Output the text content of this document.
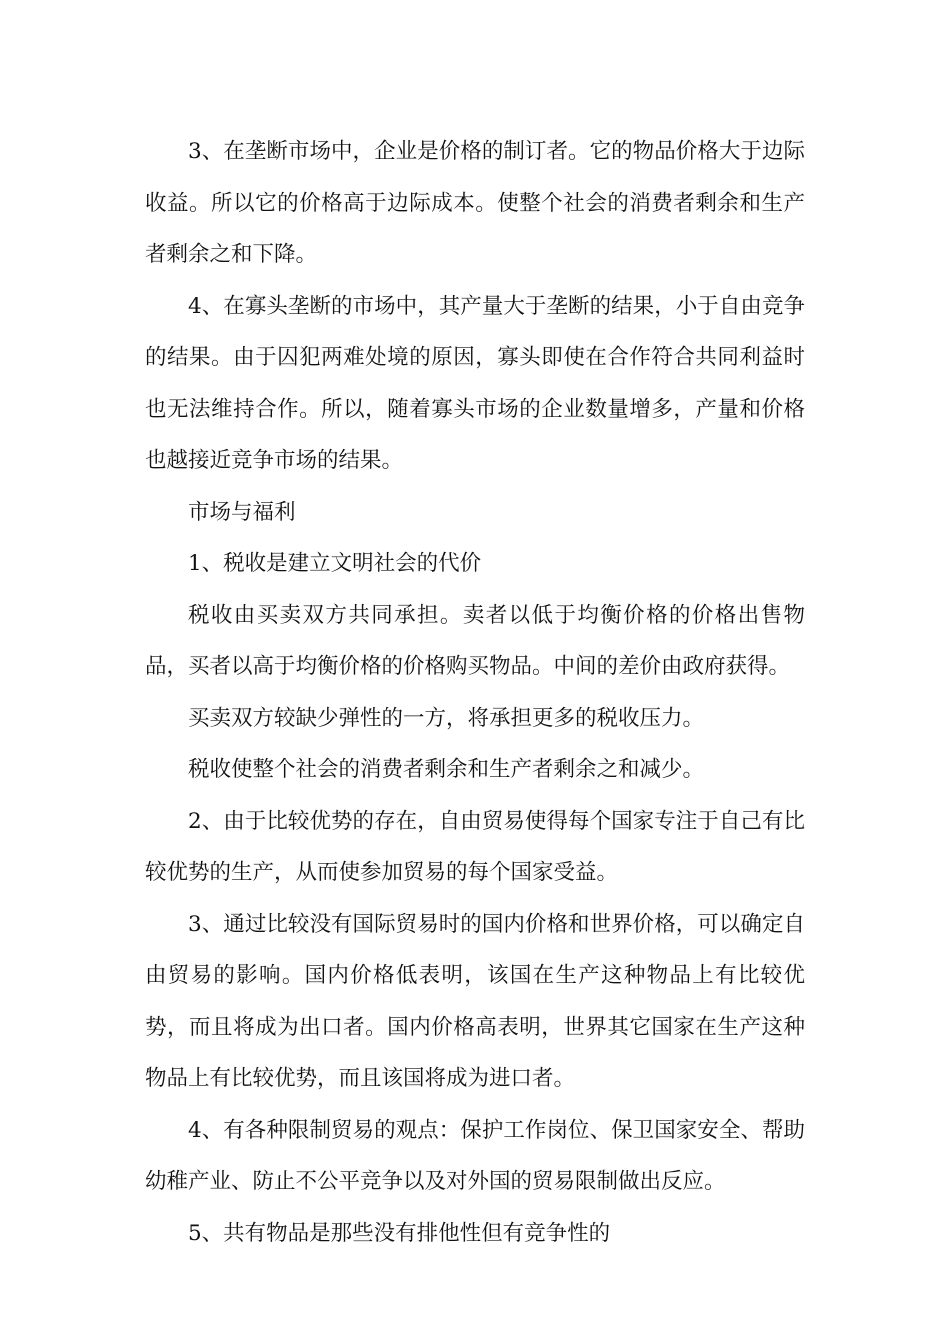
3、在垄断市场中，企业是价格的制订者。它的物品价格大于边际收益。所以它的价格高于边际成本。使整个社会的消费者剩余和生产者剩余之和下降。

4、在寡头垄断的市场中，其产量大于垄断的结果，小于自由竞争的结果。由于囚犯两难处境的原因，寡头即使在合作符合共同利益时也无法维持合作。所以，随着寡头市场的企业数量增多，产量和价格也越接近竞争市场的结果。

市场与福利

1、税收是建立文明社会的代价

税收由买卖双方共同承担。卖者以低于均衡价格的价格出售物品，买者以高于均衡价格的价格购买物品。中间的差价由政府获得。

买卖双方较缺少弹性的一方，将承担更多的税收压力。

税收使整个社会的消费者剩余和生产者剩余之和减少。

2、由于比较优势的存在，自由贸易使得每个国家专注于自己有比较优势的生产，从而使参加贸易的每个国家受益。

3、通过比较没有国际贸易时的国内价格和世界价格，可以确定自由贸易的影响。国内价格低表明，该国在生产这种物品上有比较优势，而且将成为出口者。国内价格高表明，世界其它国家在生产这种物品上有比较优势，而且该国将成为进口者。

4、有各种限制贸易的观点：保护工作岗位、保卫国家安全、帮助幼稚产业、防止不公平竞争以及对外国的贸易限制做出反应。

5、共有物品是那些没有排他性但有竞争性的
